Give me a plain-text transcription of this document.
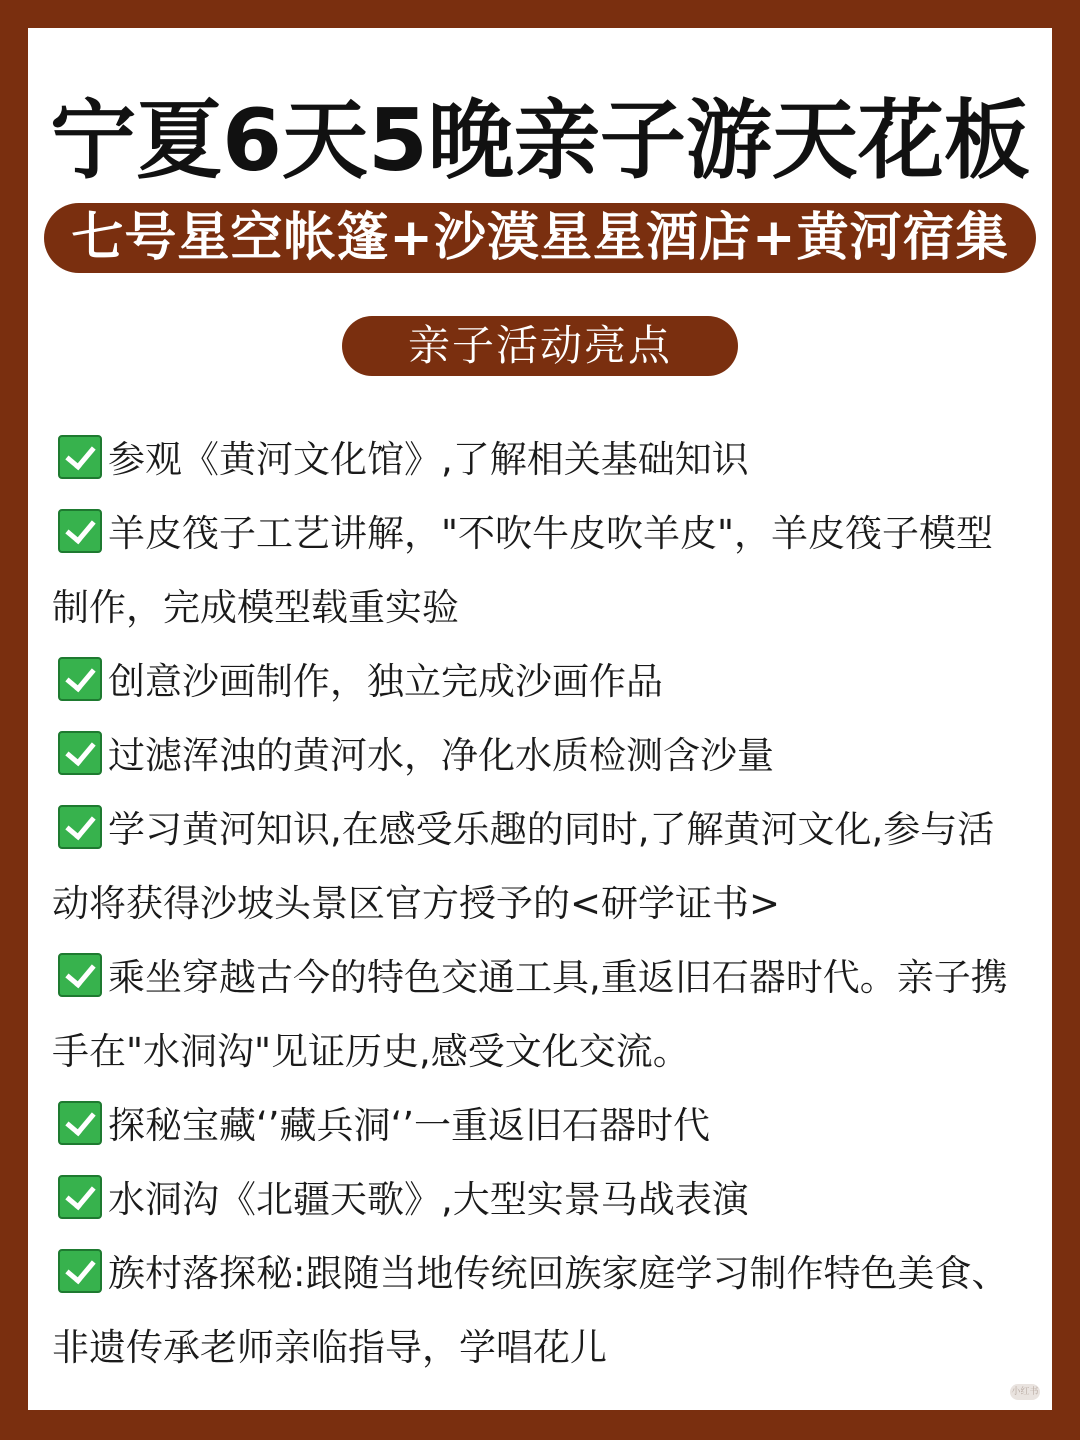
宁夏6天5晚亲子游天花板
七号星空帐篷+沙漠星星酒店+黄河宿集
亲子活动亮点
参观《黄河文化馆》,了解相关基础知识
羊皮筏子工艺讲解，"不吹牛皮吹羊皮"，羊皮筏子模型制作，完成模型载重实验
创意沙画制作，独立完成沙画作品
过滤浑浊的黄河水，净化水质检测含沙量
学习黄河知识,在感受乐趣的同时,了解黄河文化,参与活动将获得沙坡头景区官方授予的<研学证书>
乘坐穿越古今的特色交通工具,重返旧石器时代。亲子携手在"水洞沟"见证历史,感受文化交流。
探秘宝藏‘’藏兵洞‘’一重返旧石器时代
水洞沟《北疆天歌》,大型实景马战表演
族村落探秘:跟随当地传统回族家庭学习制作特色美食、非遗传承老师亲临指导，学唱花儿
小红书
